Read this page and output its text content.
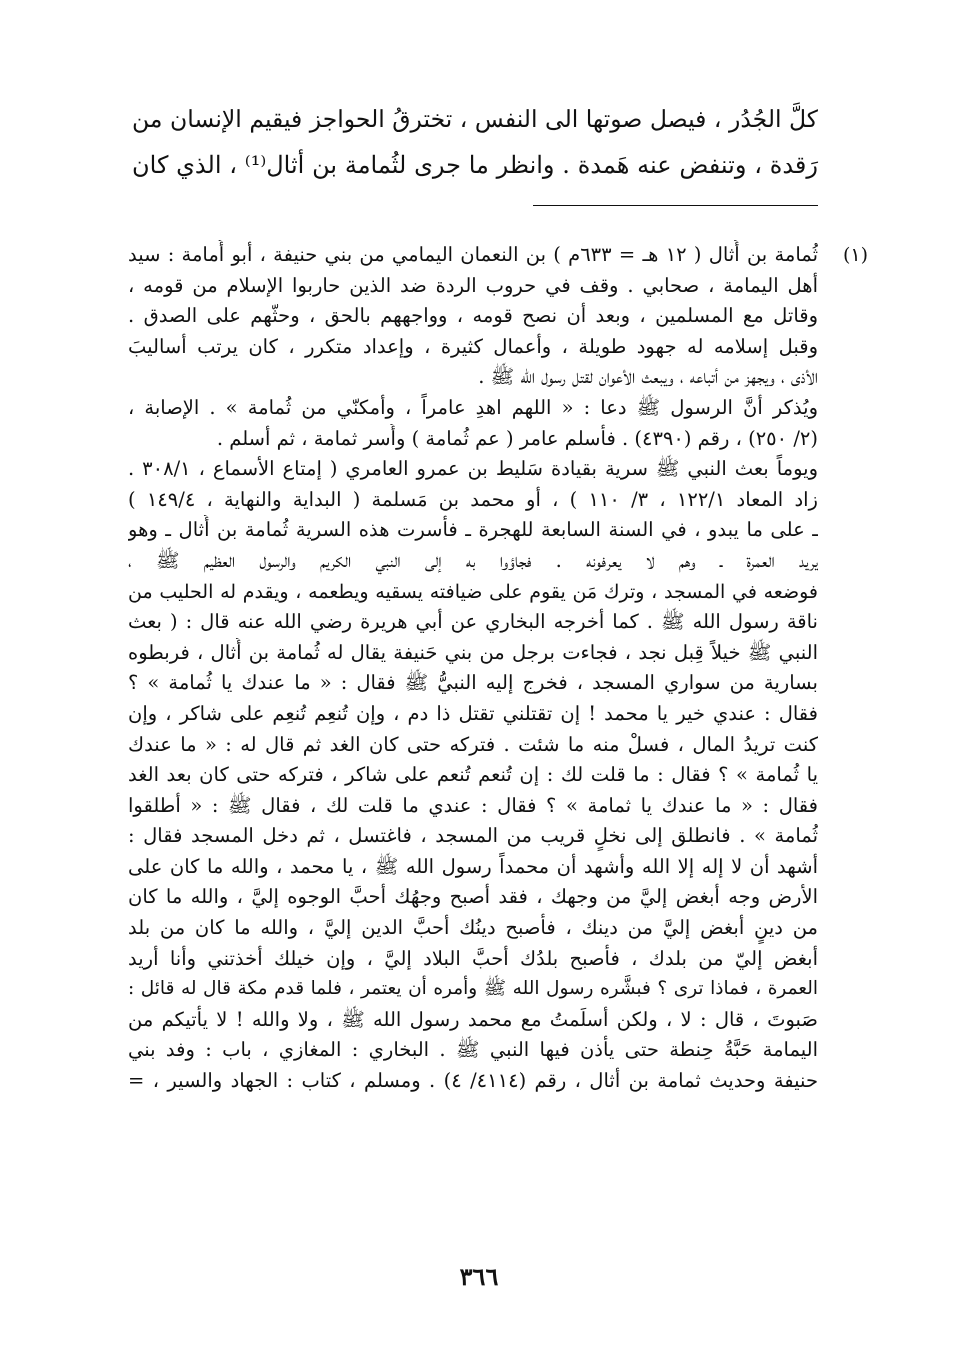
كلَّ الجُدُر ، فيصل صوتها الى النفس ، تخترقُ الحواجز فيقيم الإنسان من
رَقدة ، وتنفض عنه هَمدة . وانظر ما جرى لثُمامة بن أثال⁽¹⁾ ، الذي كان
(١)
ثُمامة بن أُثال ( ١٢ هـ = ٦٣٣م ) بن النعمان اليمامي من بني حنيفة ، أبو أُمامة : سيد
أهل اليمامة ، صحابي . وقف في حروب الردة ضد الذين حاربوا الإسلام من قومه ،
وقاتل مع المسلمين ، وبعد أن نصح قومه ، وواجههم بالحق ، وحثّهم على الصدق .
وقبل إسلامه له جهود طويلة ، وأعمال كثيرة ، وإعداد متكرر ، كان يرتب أساليبَ
الأذى ، ويجهز من أتباعه ، ويبعث الأعوان لقتل رسول الله ﷺ .
ويُذكر أنَّ الرسول ﷺ دعا : « اللهم اهدِ عامراً ، وأمكنّي من ثُمامة » . الإصابة ،
(٢/ ٢٥٠) ، رقم (٤٣٩٠) . فأسلم عامر ( عم ثُمامة ) وأُسر ثمامة ، ثم أسلم .
ويوماً بعث النبي ﷺ سرية بقيادة سَليط بن عمرو العامري ( إمتاع الأسماع ، ٣٠٨/١ .
زاد المعاد ١٢٢/١ ، ٣/ ١١٠ ) ، أو محمد بن مَسلمة ( البداية والنهاية ، ١٤٩/٤ )
ـ على ما يبدو ، في السنة السابعة للهجرة ـ فأسرت هذه السرية ثُمامة بن أُثال ـ وهو
يريد العمرة ـ وهم لا يعرفونه . فجاؤوا به إلى النبي الكريم والرسول العظيم ﷺ ،
فوضعه في المسجد ، وترك مَن يقوم على ضيافته يسقيه ويطعمه ، ويقدم له الحليب من
ناقة رسول الله ﷺ . كما أخرجه البخاري عن أبي هريرة رضي الله عنه قال : ( بعث
النبي ﷺ خيلاً قِبل نجد ، فجاءت برجل من بني حَنيفة يقال له ثُمامة بن أُثال ، فربطوه
بسارية من سواري المسجد ، فخرج إليه النبيُّ ﷺ فقال : « ما عندك يا ثُمامة » ؟
فقال : عندي خير يا محمد ! إن تقتلني تقتل ذا دم ، وإن تُنعِم تُنعِم على شاكر ، وإن
كنت تريدُ المال ، فسلْ منه ما شئت . فتركه حتى كان الغد ثم قال له : « ما عندك
يا ثُمامة » ؟ فقال : ما قلت لك : إن تُنعم تُنعم على شاكر ، فتركه حتى كان بعد الغد
فقال : « ما عندك يا ثمامة » ؟ فقال : عندي ما قلت لك ، فقال ﷺ : « أطلقوا
ثُمامة » . فانطلق إلى نخلٍ قريب من المسجد ، فاغتسل ، ثم دخل المسجد فقال :
أشهد أن لا إله إلا الله وأشهد أن محمداً رسول الله ﷺ ، يا محمد ، والله ما كان على
الأرض وجه أبغض إليَّ من وجهك ، فقد أصبح وجهُك أحبَّ الوجوه إليَّ ، والله ما كان
من دينٍ أبغض إليَّ من دينك ، فأصبح دينُك أحبَّ الدين إليَّ ، والله ما كان من بلد
أبغض إليّ من بلدك ، فأصبح بلدُك أحبَّ البلاد إليَّ ، وإن خيلك أخذتني وأنا أريد
العمرة ، فماذا ترى ؟ فبشَّره رسول الله ﷺ وأمره أن يعتمر ، فلما قدم مكة قال له قائل :
صَبوتَ ، قال : لا ، ولكن أسلَمتُ مع محمد رسول الله ﷺ ، ولا والله ! لا يأتيكم من
اليمامة حَبَّةُ حِنطة حتى يأذن فيها النبي ﷺ . البخاري : المغازي ، باب : وفد بني
حنيفة وحديث ثمامة بن أثال ، رقم (٤١١٤/ ٤) . ومسلم ، كتاب : الجهاد والسير ، =
٣٦٦
